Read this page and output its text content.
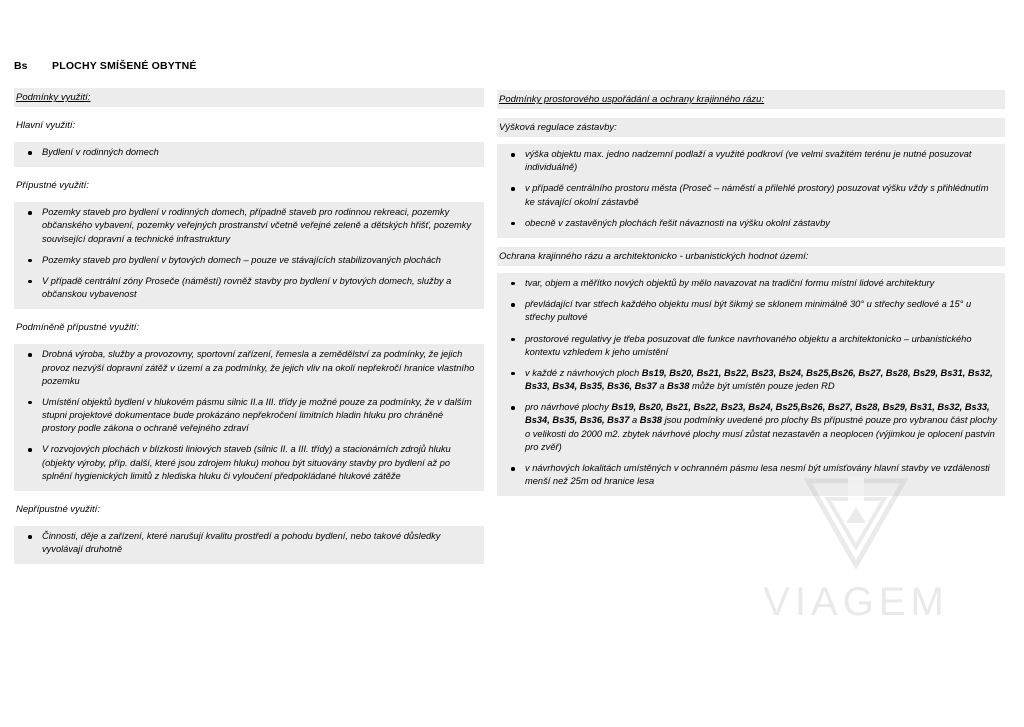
Bs	PLOCHY SMÍŠENÉ OBYTNÉ
Podmínky využití:
Hlavní využití:
Bydlení v rodinných domech
Přípustné využití:
Pozemky staveb pro bydlení v rodinných domech, případně staveb pro rodinnou rekreaci, pozemky občanského vybavení, pozemky veřejných prostranství včetně veřejné zeleně a dětských hřišť, pozemky související dopravní a technické infrastruktury
Pozemky staveb pro bydlení v bytových domech – pouze ve stávajících stabilizovaných plochách
V případě centrální zóny Proseče (náměstí) rovněž stavby pro bydlení v bytových domech, služby a občanskou vybavenost
Podmíněně přípustné využití:
Drobná výroba, služby a provozovny, sportovní zařízení, řemesla a zemědělství za podmínky, že jejich provoz nezvýší dopravní zátěž v území a za podmínky, že jejich vliv na okolí nepřekročí hranice vlastního pozemku
Umístění objektů bydlení v hlukovém pásmu silnic II.a III. třídy je možné pouze za podmínky, že v dalším stupni projektové dokumentace bude prokázáno nepřekročení limitních hladin hluku pro chráněné prostory podle zákona o ochraně veřejného zdraví
V rozvojových plochách v blízkosti liniových staveb (silnic II. a III. třídy) a stacionárních zdrojů hluku (objekty výroby, příp. další, které jsou zdrojem hluku) mohou být situovány stavby pro bydlení až po splnění hygienických limitů z hlediska hluku či vyloučení předpokládané hlukové zátěže
Nepřípustné využití:
Činnosti, děje a zařízení, které narušují kvalitu prostředí a pohodu bydlení, nebo takové důsledky vyvolávají druhotně
Podmínky prostorového uspořádání a ochrany krajinného rázu:
Výšková regulace zástavby:
výška objektu max. jedno nadzemní podlaží a využité podkroví (ve velmi svažitém terénu je nutné posuzovat individuálně)
v případě centrálního prostoru města (Proseč – náměstí a přilehlé prostory) posuzovat výšku vždy s přihlédnutím ke stávající okolní zástavbě
obecně v zastavěných plochách řešit návaznosti na výšku okolní zástavby
Ochrana krajinného rázu a architektonicko - urbanistických hodnot území:
tvar, objem a měřítko nových objektů by mělo navazovat na tradiční formu místní lidové architektury
převládající tvar střech každého objektu musí být šikmý se sklonem minimálně 30° u střechy sedlové a 15° u střechy pultové
prostorové regulativy je třeba posuzovat dle funkce navrhovaného objektu a architektonicko – urbanistického kontextu vzhledem k jeho umístění
v každé z návrhových ploch Bs19, Bs20, Bs21, Bs22, Bs23, Bs24, Bs25,Bs26, Bs27, Bs28, Bs29, Bs31, Bs32, Bs33, Bs34, Bs35, Bs36, Bs37 a Bs38 může být umístěn pouze jeden RD
pro návrhové plochy Bs19, Bs20, Bs21, Bs22, Bs23, Bs24, Bs25,Bs26, Bs27, Bs28, Bs29, Bs31, Bs32, Bs33, Bs34, Bs35, Bs36, Bs37 a Bs38 jsou podmínky uvedené pro plochy Bs přípustné pouze pro vybranou část plochy o velikosti do 2000 m2. zbytek návrhové plochy musí zůstat nezastavěn a neoplocen (výjimkou je oplocení pastvin pro zvěř)
v návrhových lokalitách umístěných v ochranném pásmu lesa nesmí být umísťovány hlavní stavby ve vzdálenosti menší než 25m od hranice lesa
VIAGEM
